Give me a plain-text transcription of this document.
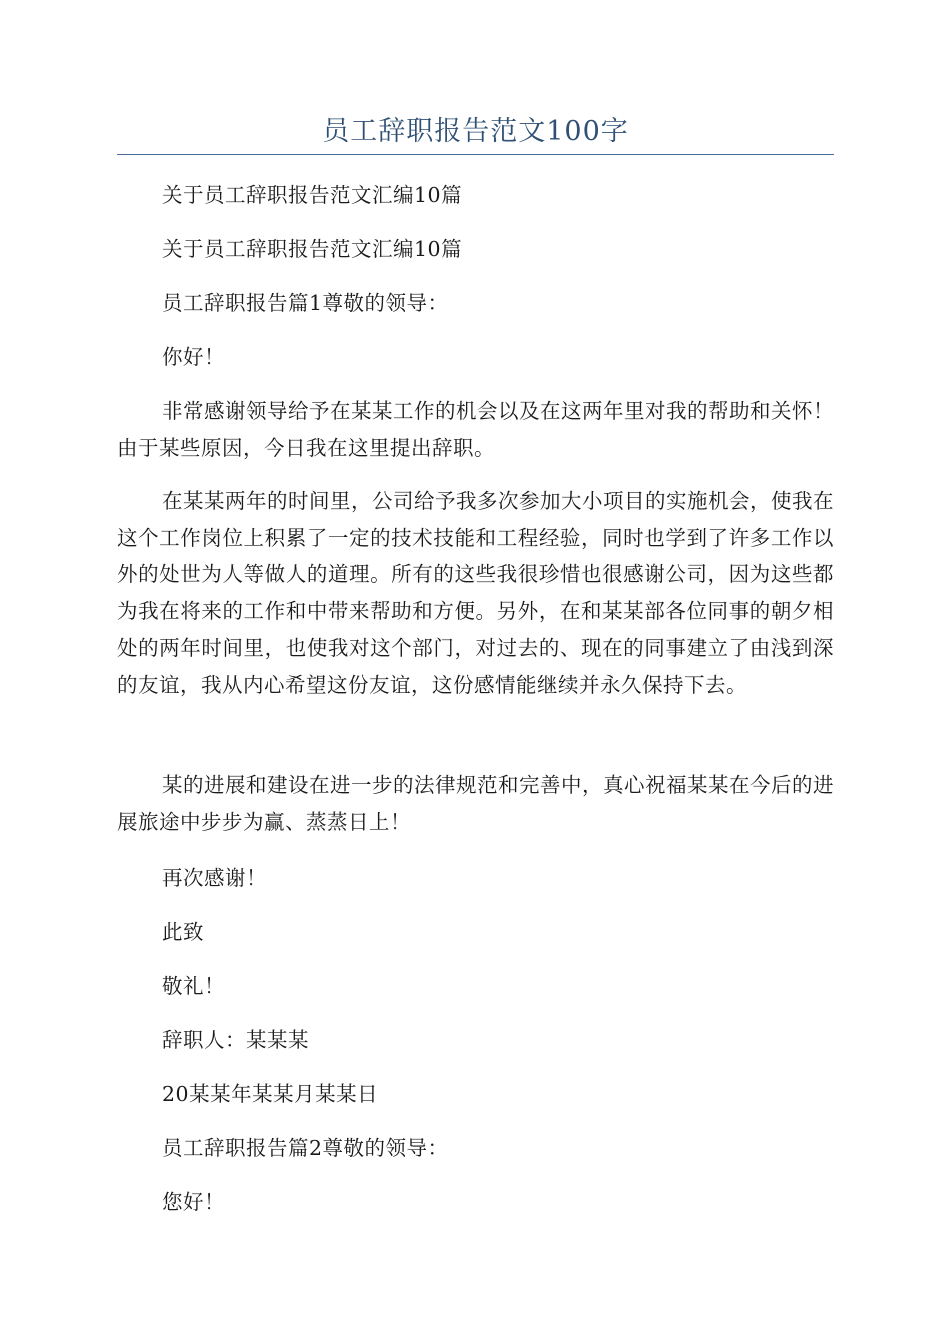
员工辞职报告范文100字

关于员工辞职报告范文汇编10篇

关于员工辞职报告范文汇编10篇

员工辞职报告篇1尊敬的领导：

你好！

非常感谢领导给予在某某工作的机会以及在这两年里对我的帮助和关怀！由于某些原因，今日我在这里提出辞职。

在某某两年的时间里，公司给予我多次参加大小项目的实施机会，使我在这个工作岗位上积累了一定的技术技能和工程经验，同时也学到了许多工作以外的处世为人等做人的道理。所有的这些我很珍惜也很感谢公司，因为这些都为我在将来的工作和中带来帮助和方便。另外，在和某某部各位同事的朝夕相处的两年时间里，也使我对这个部门，对过去的、现在的同事建立了由浅到深的友谊，我从内心希望这份友谊，这份感情能继续并永久保持下去。

某的进展和建设在进一步的法律规范和完善中，真心祝福某某在今后的进展旅途中步步为赢、蒸蒸日上！

再次感谢！

此致

敬礼！

辞职人：某某某

20某某年某某月某某日

员工辞职报告篇2尊敬的领导：

您好！
